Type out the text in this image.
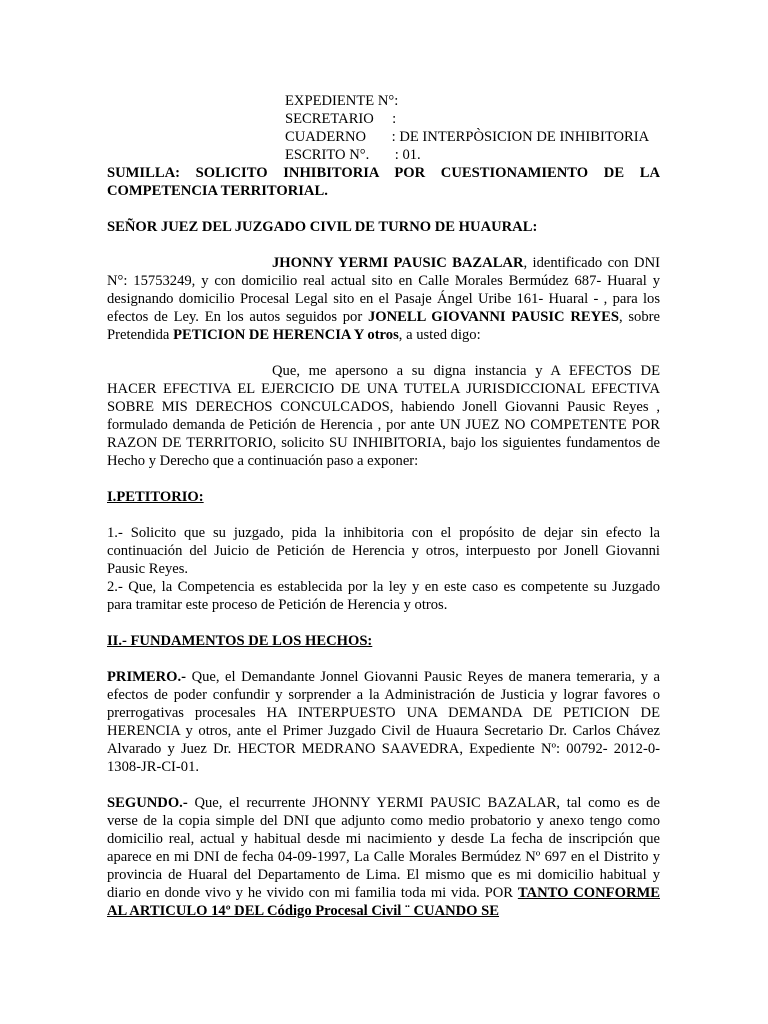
EXPEDIENTE N°:
SECRETARIO     :
CUADERNO       : DE INTERPÒSICION DE INHIBITORIA
ESCRITO N°.       : 01.

SUMILLA: SOLICITO INHIBITORIA POR CUESTIONAMIENTO DE LA COMPETENCIA TERRITORIAL.

SEÑOR JUEZ DEL JUZGADO CIVIL DE TURNO DE HUAURAL:

JHONNY YERMI PAUSIC BAZALAR, identificado con DNI N°: 15753249, y con domicilio real actual sito en Calle Morales Bermúdez 687- Huaral y designando domicilio Procesal Legal sito en el Pasaje Ángel Uribe 161- Huaral - , para los efectos de Ley. En los autos seguidos por JONELL GIOVANNI PAUSIC REYES, sobre Pretendida PETICION DE HERENCIA Y otros, a usted digo:

Que, me apersono a su digna instancia y A EFECTOS DE HACER EFECTIVA EL EJERCICIO DE UNA TUTELA JURISDICCIONAL EFECTIVA SOBRE MIS DERECHOS CONCULCADOS, habiendo Jonell Giovanni Pausic Reyes , formulado demanda de Petición de Herencia , por ante UN JUEZ NO COMPETENTE POR RAZON DE TERRITORIO, solicito SU INHIBITORIA, bajo los siguientes fundamentos de Hecho y Derecho que a continuación paso a exponer:

I.PETITORIO:

1.- Solicito que su juzgado, pida la inhibitoria con el propósito de dejar sin efecto la continuación del Juicio de Petición de Herencia y otros, interpuesto por Jonell Giovanni Pausic Reyes.

2.- Que, la Competencia es establecida por la ley y en este caso es competente su Juzgado para tramitar este proceso de Petición de Herencia y otros.

II.- FUNDAMENTOS DE LOS HECHOS:

PRIMERO.- Que, el Demandante Jonnel Giovanni Pausic Reyes de manera temeraria, y a efectos de poder confundir y sorprender a la Administración de Justicia y lograr favores o prerrogativas procesales HA INTERPUESTO UNA DEMANDA DE PETICION DE HERENCIA y otros, ante el Primer Juzgado Civil de Huaura Secretario Dr. Carlos Chávez Alvarado y Juez Dr. HECTOR MEDRANO SAAVEDRA, Expediente Nº: 00792- 2012-0-1308-JR-CI-01.

SEGUNDO.- Que, el recurrente JHONNY YERMI PAUSIC BAZALAR, tal como es de verse de la copia simple del DNI que adjunto como medio probatorio y anexo tengo como domicilio real, actual y habitual desde mi nacimiento y desde La fecha de inscripción que aparece en mi DNI de fecha 04-09-1997, La Calle Morales Bermúdez Nº 697 en el Distrito y provincia de Huaral del Departamento de Lima. El mismo que es mi domicilio habitual y diario en donde vivo y he vivido con mi familia toda mi vida. POR TANTO CONFORME AL ARTICULO 14º DEL Código Procesal Civil ¨ CUANDO SE
